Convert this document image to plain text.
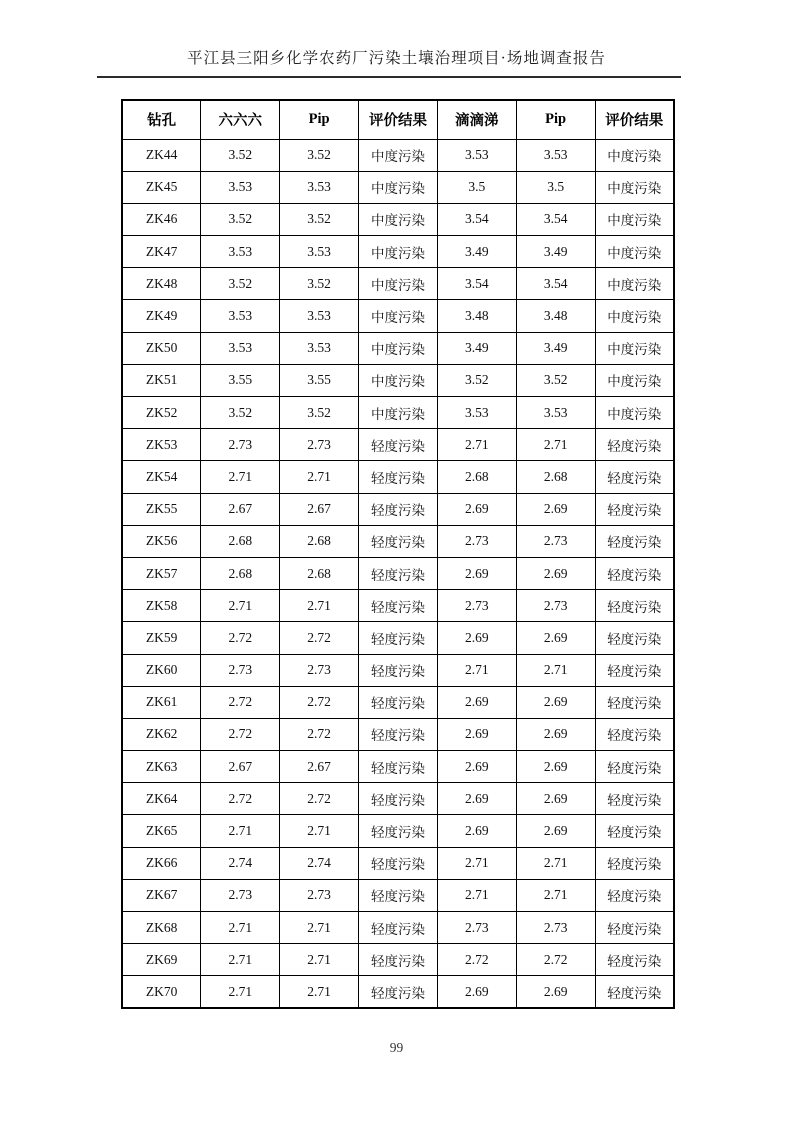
平江县三阳乡化学农药厂污染土壤治理项目·场地调查报告
钻孔	六六六	Pip	评价结果	滴滴涕	Pip	评价结果
ZK44	3.52	3.52	中度污染	3.53	3.53	中度污染
ZK45	3.53	3.53	中度污染	3.5	3.5	中度污染
ZK46	3.52	3.52	中度污染	3.54	3.54	中度污染
ZK47	3.53	3.53	中度污染	3.49	3.49	中度污染
ZK48	3.52	3.52	中度污染	3.54	3.54	中度污染
ZK49	3.53	3.53	中度污染	3.48	3.48	中度污染
ZK50	3.53	3.53	中度污染	3.49	3.49	中度污染
ZK51	3.55	3.55	中度污染	3.52	3.52	中度污染
ZK52	3.52	3.52	中度污染	3.53	3.53	中度污染
ZK53	2.73	2.73	轻度污染	2.71	2.71	轻度污染
ZK54	2.71	2.71	轻度污染	2.68	2.68	轻度污染
ZK55	2.67	2.67	轻度污染	2.69	2.69	轻度污染
ZK56	2.68	2.68	轻度污染	2.73	2.73	轻度污染
ZK57	2.68	2.68	轻度污染	2.69	2.69	轻度污染
ZK58	2.71	2.71	轻度污染	2.73	2.73	轻度污染
ZK59	2.72	2.72	轻度污染	2.69	2.69	轻度污染
ZK60	2.73	2.73	轻度污染	2.71	2.71	轻度污染
ZK61	2.72	2.72	轻度污染	2.69	2.69	轻度污染
ZK62	2.72	2.72	轻度污染	2.69	2.69	轻度污染
ZK63	2.67	2.67	轻度污染	2.69	2.69	轻度污染
ZK64	2.72	2.72	轻度污染	2.69	2.69	轻度污染
ZK65	2.71	2.71	轻度污染	2.69	2.69	轻度污染
ZK66	2.74	2.74	轻度污染	2.71	2.71	轻度污染
ZK67	2.73	2.73	轻度污染	2.71	2.71	轻度污染
ZK68	2.71	2.71	轻度污染	2.73	2.73	轻度污染
ZK69	2.71	2.71	轻度污染	2.72	2.72	轻度污染
ZK70	2.71	2.71	轻度污染	2.69	2.69	轻度污染
99
